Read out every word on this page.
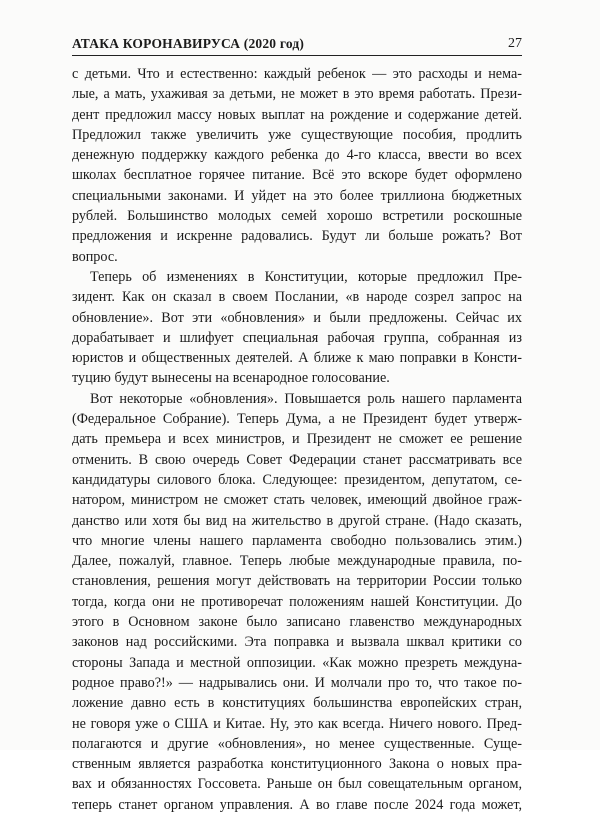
АТАКА КОРОНАВИРУСА (2020 год)	27
с детьми. Что и естественно: каждый ребенок — это расходы и нема-
лые, а мать, ухаживая за детьми, не может в это время работать. Прези-
дент предложил массу новых выплат на рождение и содержание детей.
Предложил также увеличить уже существующие пособия, продлить
денежную поддержку каждого ребенка до 4-го класса, ввести во всех
школах бесплатное горячее питание. Всё это вскоре будет оформлено
специальными законами. И уйдет на это более триллиона бюджетных
рублей. Большинство молодых семей хорошо встретили роскошные
предложения и искренне радовались. Будут ли больше рожать? Вот
вопрос.
Теперь об изменениях в Конституции, которые предложил Пре-
зидент. Как он сказал в своем Послании, «в народе созрел запрос на
обновление». Вот эти «обновления» и были предложены. Сейчас их
дорабатывает и шлифует специальная рабочая группа, собранная из
юристов и общественных деятелей. А ближе к маю поправки в Консти-
туцию будут вынесены на всенародное голосование.
Вот некоторые «обновления». Повышается роль нашего парламента
(Федеральное Собрание). Теперь Дума, а не Президент будет утверж-
дать премьера и всех министров, и Президент не сможет ее решение
отменить. В свою очередь Совет Федерации станет рассматривать все
кандидатуры силового блока. Следующее: президентом, депутатом, се-
натором, министром не сможет стать человек, имеющий двойное граж-
данство или хотя бы вид на жительство в другой стране. (Надо сказать,
что многие члены нашего парламента свободно пользовались этим.)
Далее, пожалуй, главное. Теперь любые международные правила, по-
становления, решения могут действовать на территории России только
тогда, когда они не противоречат положениям нашей Конституции. До
этого в Основном законе было записано главенство международных
законов над российскими. Эта поправка и вызвала шквал критики со
стороны Запада и местной оппозиции. «Как можно презреть междуна-
родное право?!» — надрывались они. И молчали про то, что такое по-
ложение давно есть в конституциях большинства европейских стран,
не говоря уже о США и Китае. Ну, это как всегда. Ничего нового. Пред-
полагаются и другие «обновления», но менее существенные. Суще-
ственным является разработка конституционного Закона о новых пра-
вах и обязанностях Госсовета. Раньше он был совещательным органом,
теперь станет органом управления. А во главе после 2024 года может,
